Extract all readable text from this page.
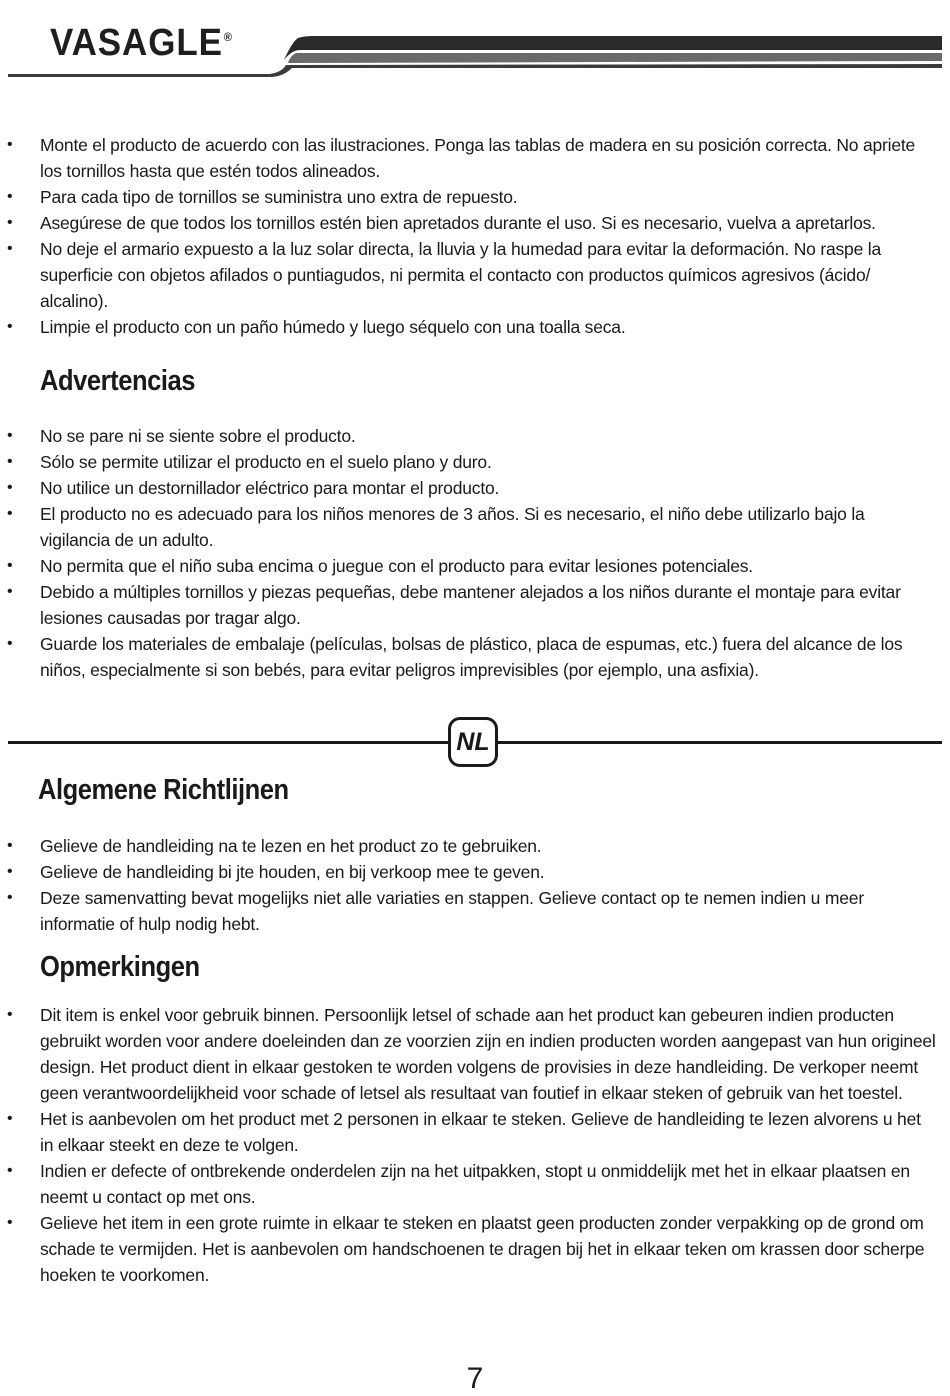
VASAGLE®
• Monte el producto de acuerdo con las ilustraciones. Ponga las tablas de madera en su posición correcta. No apriete los tornillos hasta que estén todos alineados.
• Para cada tipo de tornillos se suministra uno extra de repuesto.
• Asegúrese de que todos los tornillos estén bien apretados durante el uso. Si es necesario, vuelva a apretarlos.
• No deje el armario expuesto a la luz solar directa, la lluvia y la humedad para evitar la deformación. No raspe la superficie con objetos afilados o puntiagudos, ni permita el contacto con productos químicos agresivos (ácido/ alcalino).
• Limpie el producto con un paño húmedo y luego séquelo con una toalla seca.
Advertencias
• No se pare ni se siente sobre el producto.
• Sólo se permite utilizar el producto en el suelo plano y duro.
• No utilice un destornillador eléctrico para montar el producto.
• El producto no es adecuado para los niños menores de 3 años. Si es necesario, el niño debe utilizarlo bajo la vigilancia de un adulto.
• No permita que el niño suba encima o juegue con el producto para evitar lesiones potenciales.
• Debido a múltiples tornillos y piezas pequeñas, debe mantener alejados a los niños durante el montaje para evitar lesiones causadas por tragar algo.
• Guarde los materiales de embalaje (películas, bolsas de plástico, placa de espumas, etc.) fuera del alcance de los niños, especialmente si son bebés, para evitar peligros imprevisibles (por ejemplo, una asfixia).
NL
Algemene Richtlijnen
• Gelieve de handleiding na te lezen en het product zo te gebruiken.
• Gelieve de handleiding bi jte houden, en bij verkoop mee te geven.
• Deze samenvatting bevat mogelijks niet alle variaties en stappen. Gelieve contact op te nemen indien u meer informatie of hulp nodig hebt.
Opmerkingen
• Dit item is enkel voor gebruik binnen. Persoonlijk letsel of schade aan het product kan gebeuren indien producten gebruikt worden voor andere doeleinden dan ze voorzien zijn en indien producten worden aangepast van hun origineel design. Het product dient in elkaar gestoken te worden volgens de provisies in deze handleiding. De verkoper neemt geen verantwoordelijkheid voor schade of letsel als resultaat van foutief in elkaar steken of gebruik van het toestel.
• Het is aanbevolen om het product met 2 personen in elkaar te steken. Gelieve de handleiding te lezen alvorens u het in elkaar steekt en deze te volgen.
• Indien er defecte of ontbrekende onderdelen zijn na het uitpakken, stopt u onmiddelijk met het in elkaar plaatsen en neemt u contact op met ons.
• Gelieve het item in een grote ruimte in elkaar te steken en plaatst geen producten zonder verpakking op de grond om schade te vermijden. Het is aanbevolen om handschoenen te dragen bij het in elkaar teken om krassen door scherpe hoeken te voorkomen.
7
